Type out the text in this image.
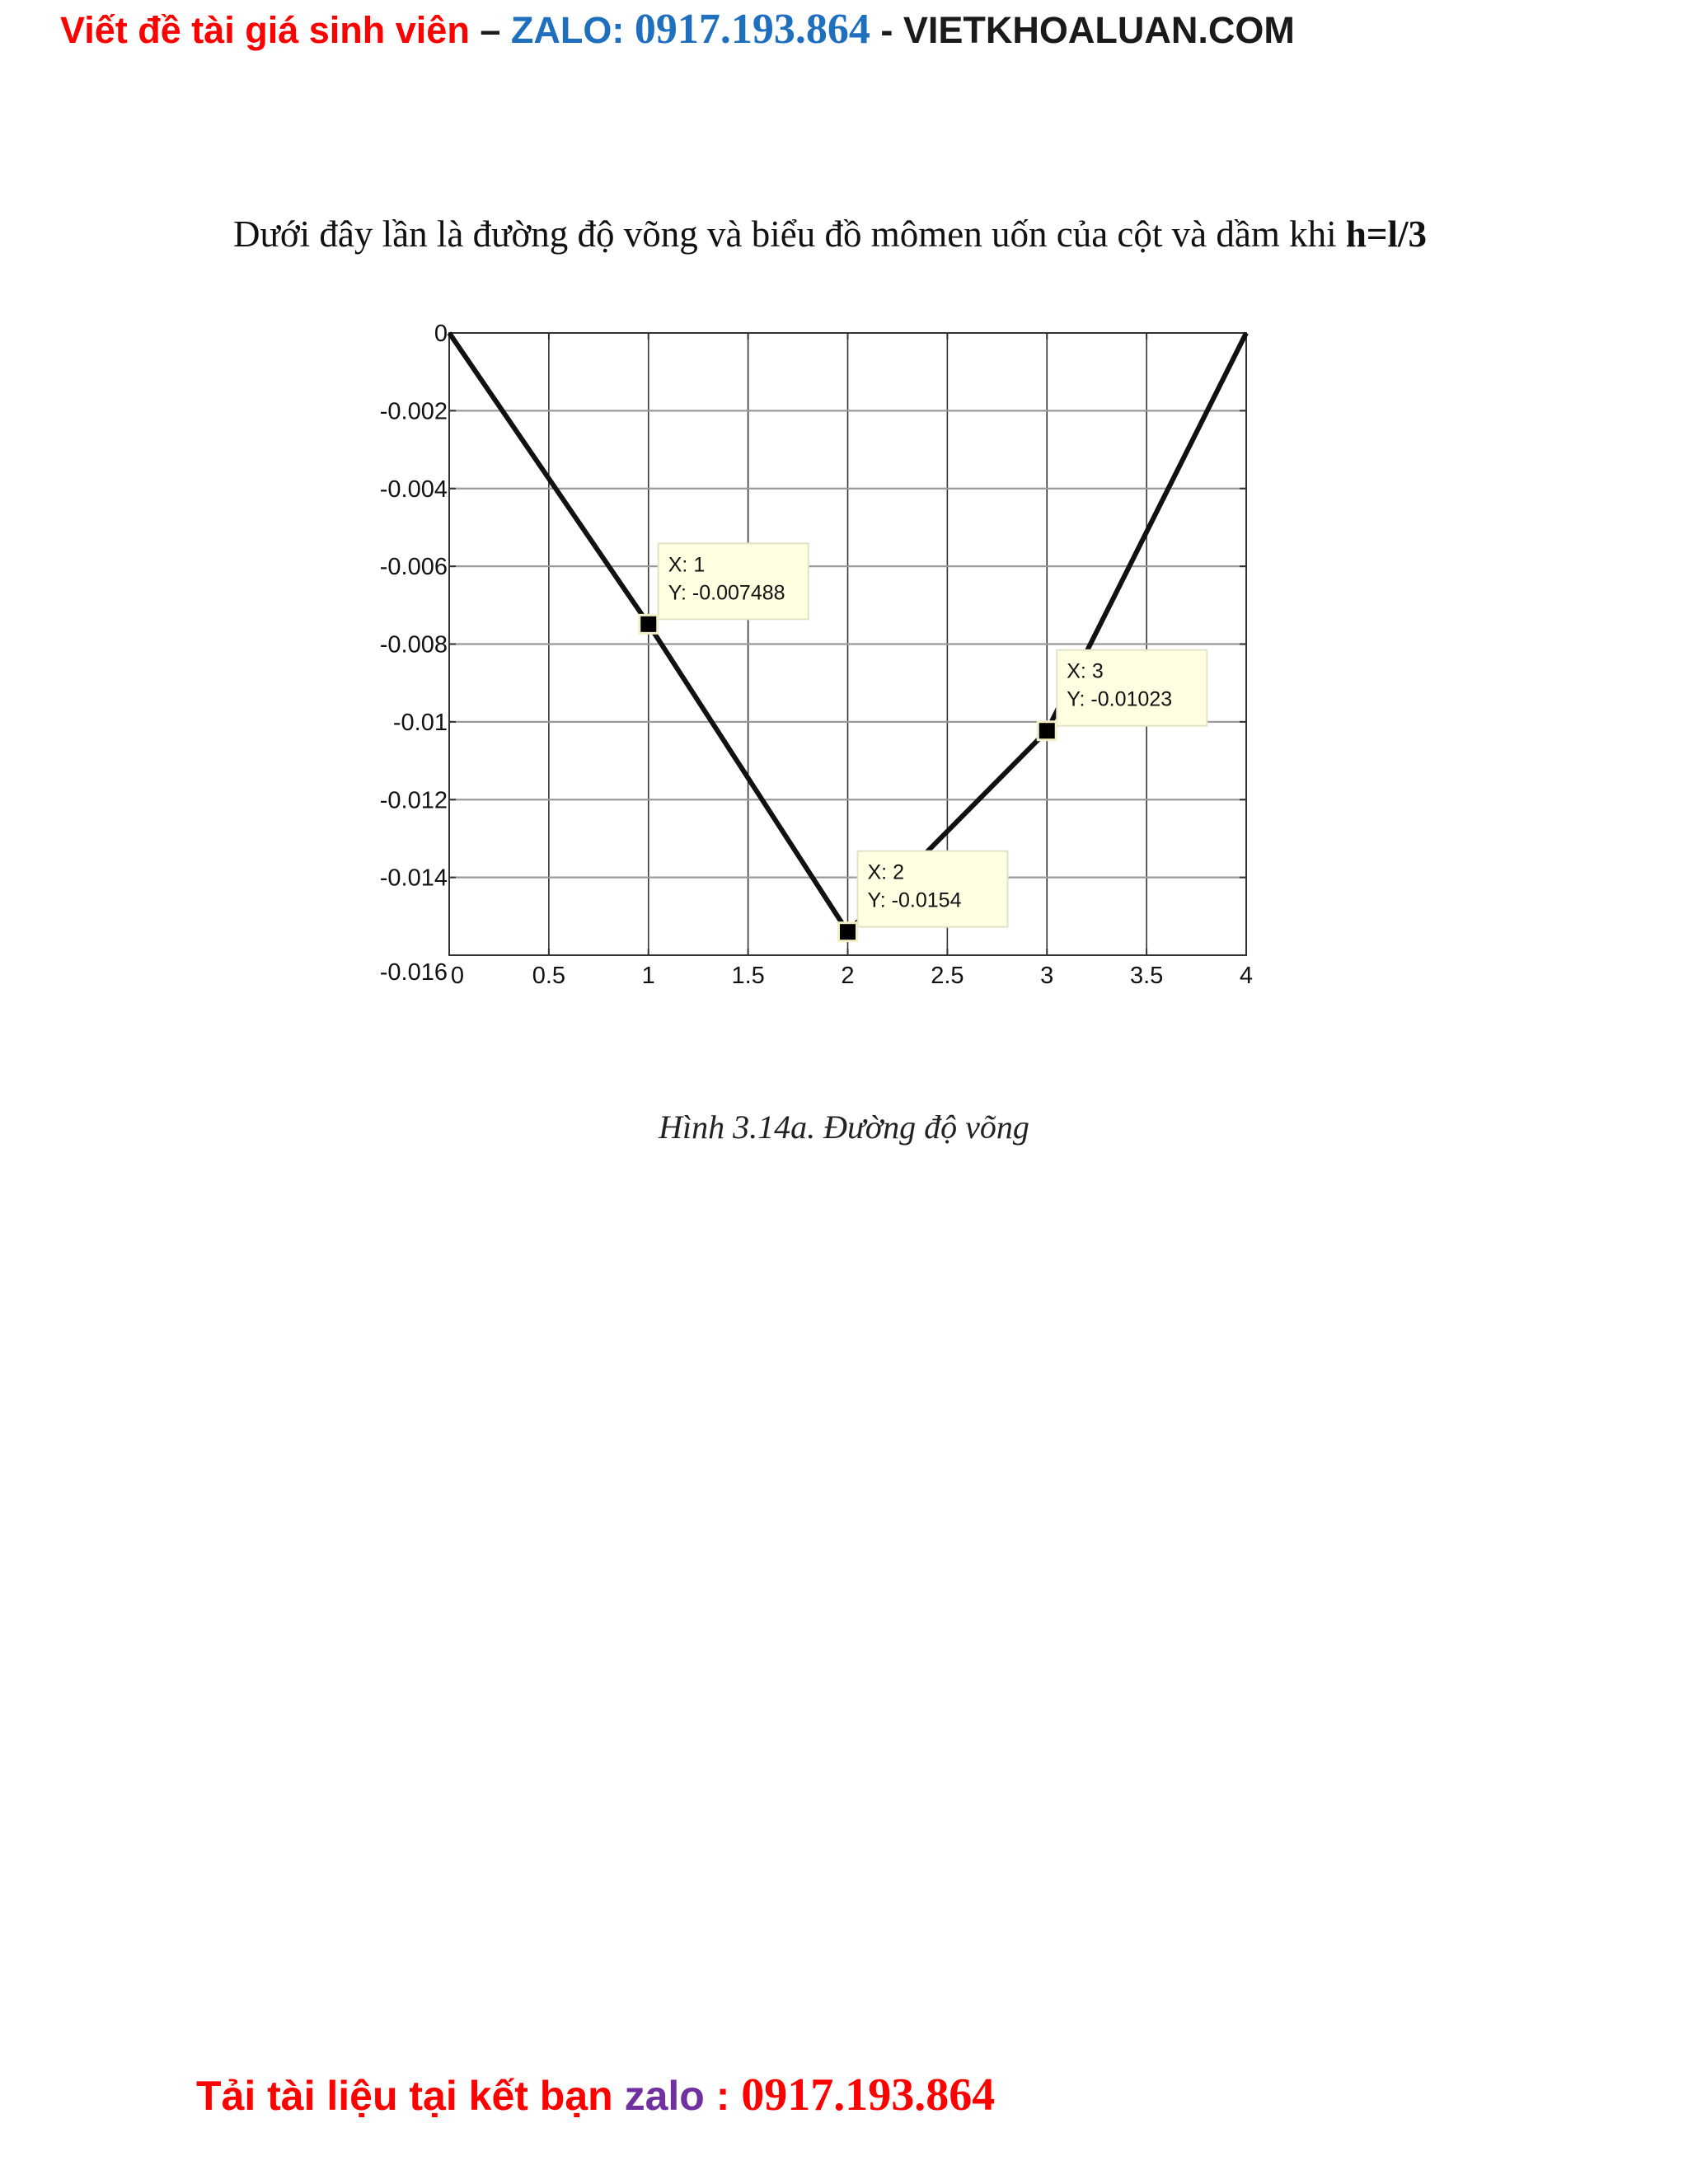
Viết đề tài giá sinh viên – ZALO: 0917.193.864 - VIETKHOALUAN.COM
Dưới đây lần là đường độ võng và biểu đồ mômen uốn của cột và dầm khi h=l/3
0	0.5	1	1.5	2	2.5	3	3.5	4
0
-0.002
-0.004
-0.006
-0.008
-0.01
-0.012
-0.014
-0.016
X: 1
Y: -0.007488
X: 2
Y: -0.0154
X: 3
Y: -0.01023
Hình 3.14a. Đường độ võng
Tải tài liệu tại kết bạn zalo : 0917.193.864
